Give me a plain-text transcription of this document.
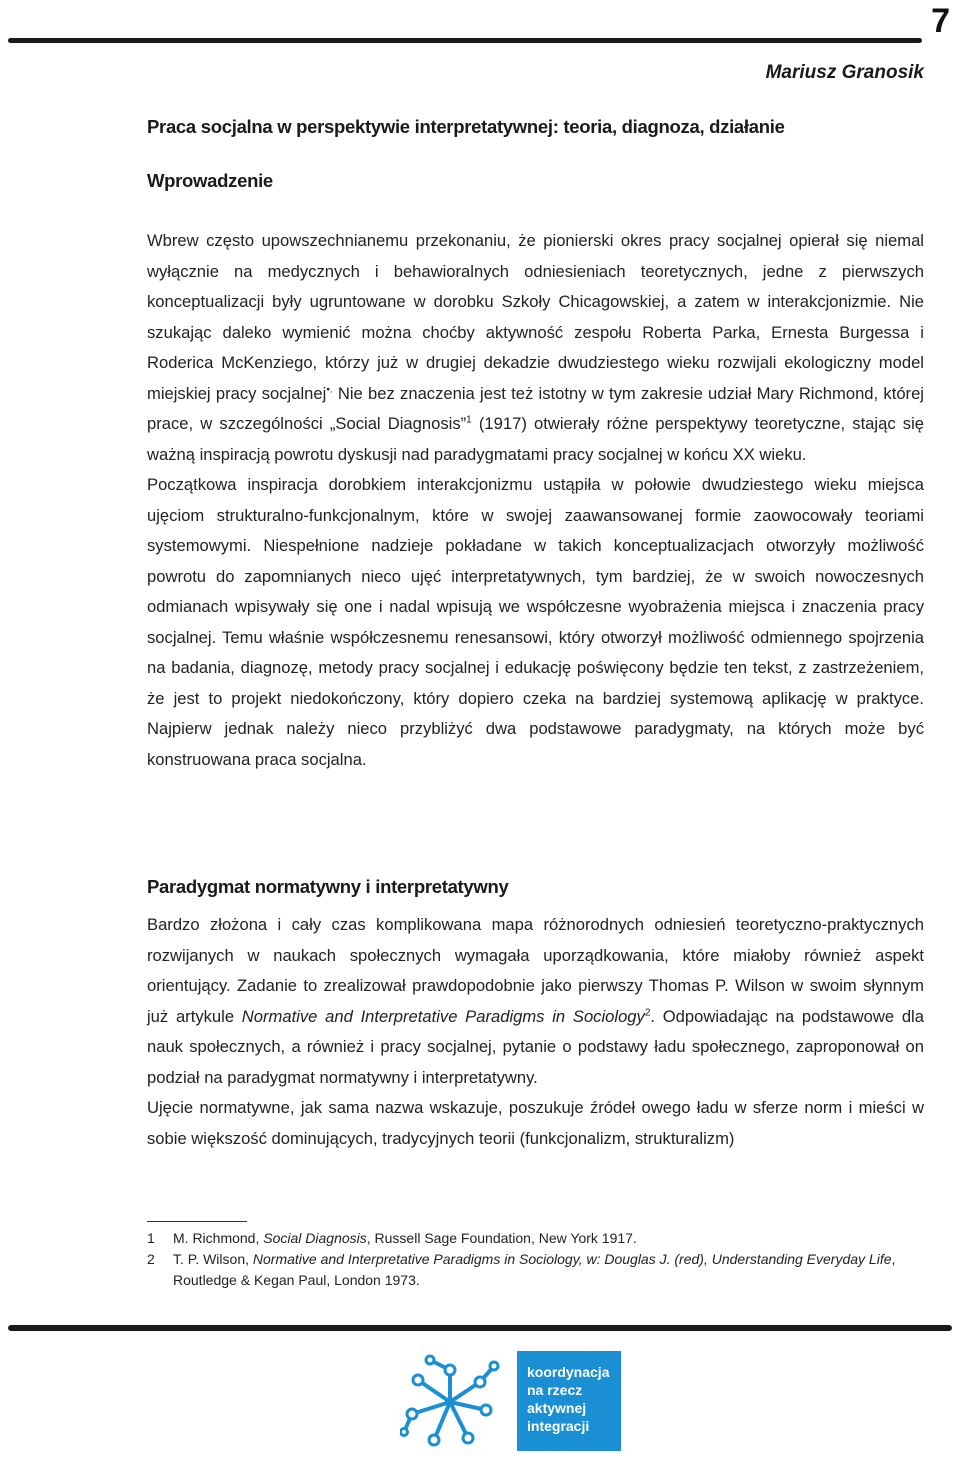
7
Mariusz Granosik
Praca socjalna w perspektywie interpretatywnej: teoria, diagnoza, działanie
Wprowadzenie

Wbrew często upowszechnianemu przekonaniu, że pionierski okres pracy socjalnej opierał się niemal wyłącznie na medycznych i behawioralnych odniesieniach teoretycznych, jedne z pierwszych konceptualizacji były ugruntowane w dorobku Szkoły Chicagowskiej, a zatem w interakcjonizmie. Nie szukając daleko wymienić można choćby aktywność zespołu Roberta Parka, Ernesta Burgessa i Roderica McKenziego, którzy już w drugiej dekadzie dwudziestego wieku rozwijali ekologiczny model miejskiej pracy socjalnej•. Nie bez znaczenia jest też istotny w tym zakresie udział Mary Richmond, której prace, w szczególności „Social Diagnosis”$^1$ (1917) otwierały różne perspektywy teoretyczne, stając się ważną inspiracją powrotu dyskusji nad paradygmatami pracy socjalnej w końcu XX wieku.

Początkowa inspiracja dorobkiem interakcjonizmu ustąpiła w połowie dwudziestego wieku miejsca ujęciom strukturalno-funkcjonalnym, które w swojej zaawansowanej formie zaowocowały teoriami systemowymi. Niespełnione nadzieje pokładane w takich konceptualizacjach otworzyły możliwość powrotu do zapomnianych nieco ujęć interpretatywnych, tym bardziej, że w swoich nowoczesnych odmianach wpisywały się one i nadal wpisują we współczesne wyobrażenia miejsca i znaczenia pracy socjalnej. Temu właśnie współczesnemu renesansowi, który otworzył możliwość odmiennego spojrzenia na badania, diagnozę, metody pracy socjalnej i edukację poświęcony będzie ten tekst, z zastrzeżeniem, że jest to projekt niedokończony, który dopiero czeka na bardziej systemową aplikację w praktyce. Najpierw jednak należy nieco przybliżyć dwa podstawowe paradygmaty, na których może być konstruowana praca socjalna.

Paradygmat normatywny i interpretatywny

Bardzo złożona i cały czas komplikowana mapa różnorodnych odniesień teoretyczno-praktycznych rozwijanych w naukach społecznych wymagała uporządkowania, które miałoby również aspekt orientujący. Zadanie to zrealizował prawdopodobnie jako pierwszy Thomas P. Wilson w swoim słynnym już artykule Normative and Interpretative Paradigms in Sociology$^2$. Odpowiadając na podstawowe dla nauk społecznych, a również i pracy socjalnej, pytanie o podstawy ładu społecznego, zaproponował on podział na paradygmat normatywny i interpretatywny.

Ujęcie normatywne, jak sama nazwa wskazuje, poszukuje źródeł owego ładu w sferze norm i mieści w sobie większość dominujących, tradycyjnych teorii (funkcjonalizm, strukturalizm)

1	M. Richmond, Social Diagnosis, Russell Sage Foundation, New York 1917.
2	T. P. Wilson, Normative and Interpretative Paradigms in Sociology, w: Douglas J. (red), Understanding Everyday Life, Routledge & Kegan Paul, London 1973.
koordynacja
na rzecz
aktywnej
integracji
